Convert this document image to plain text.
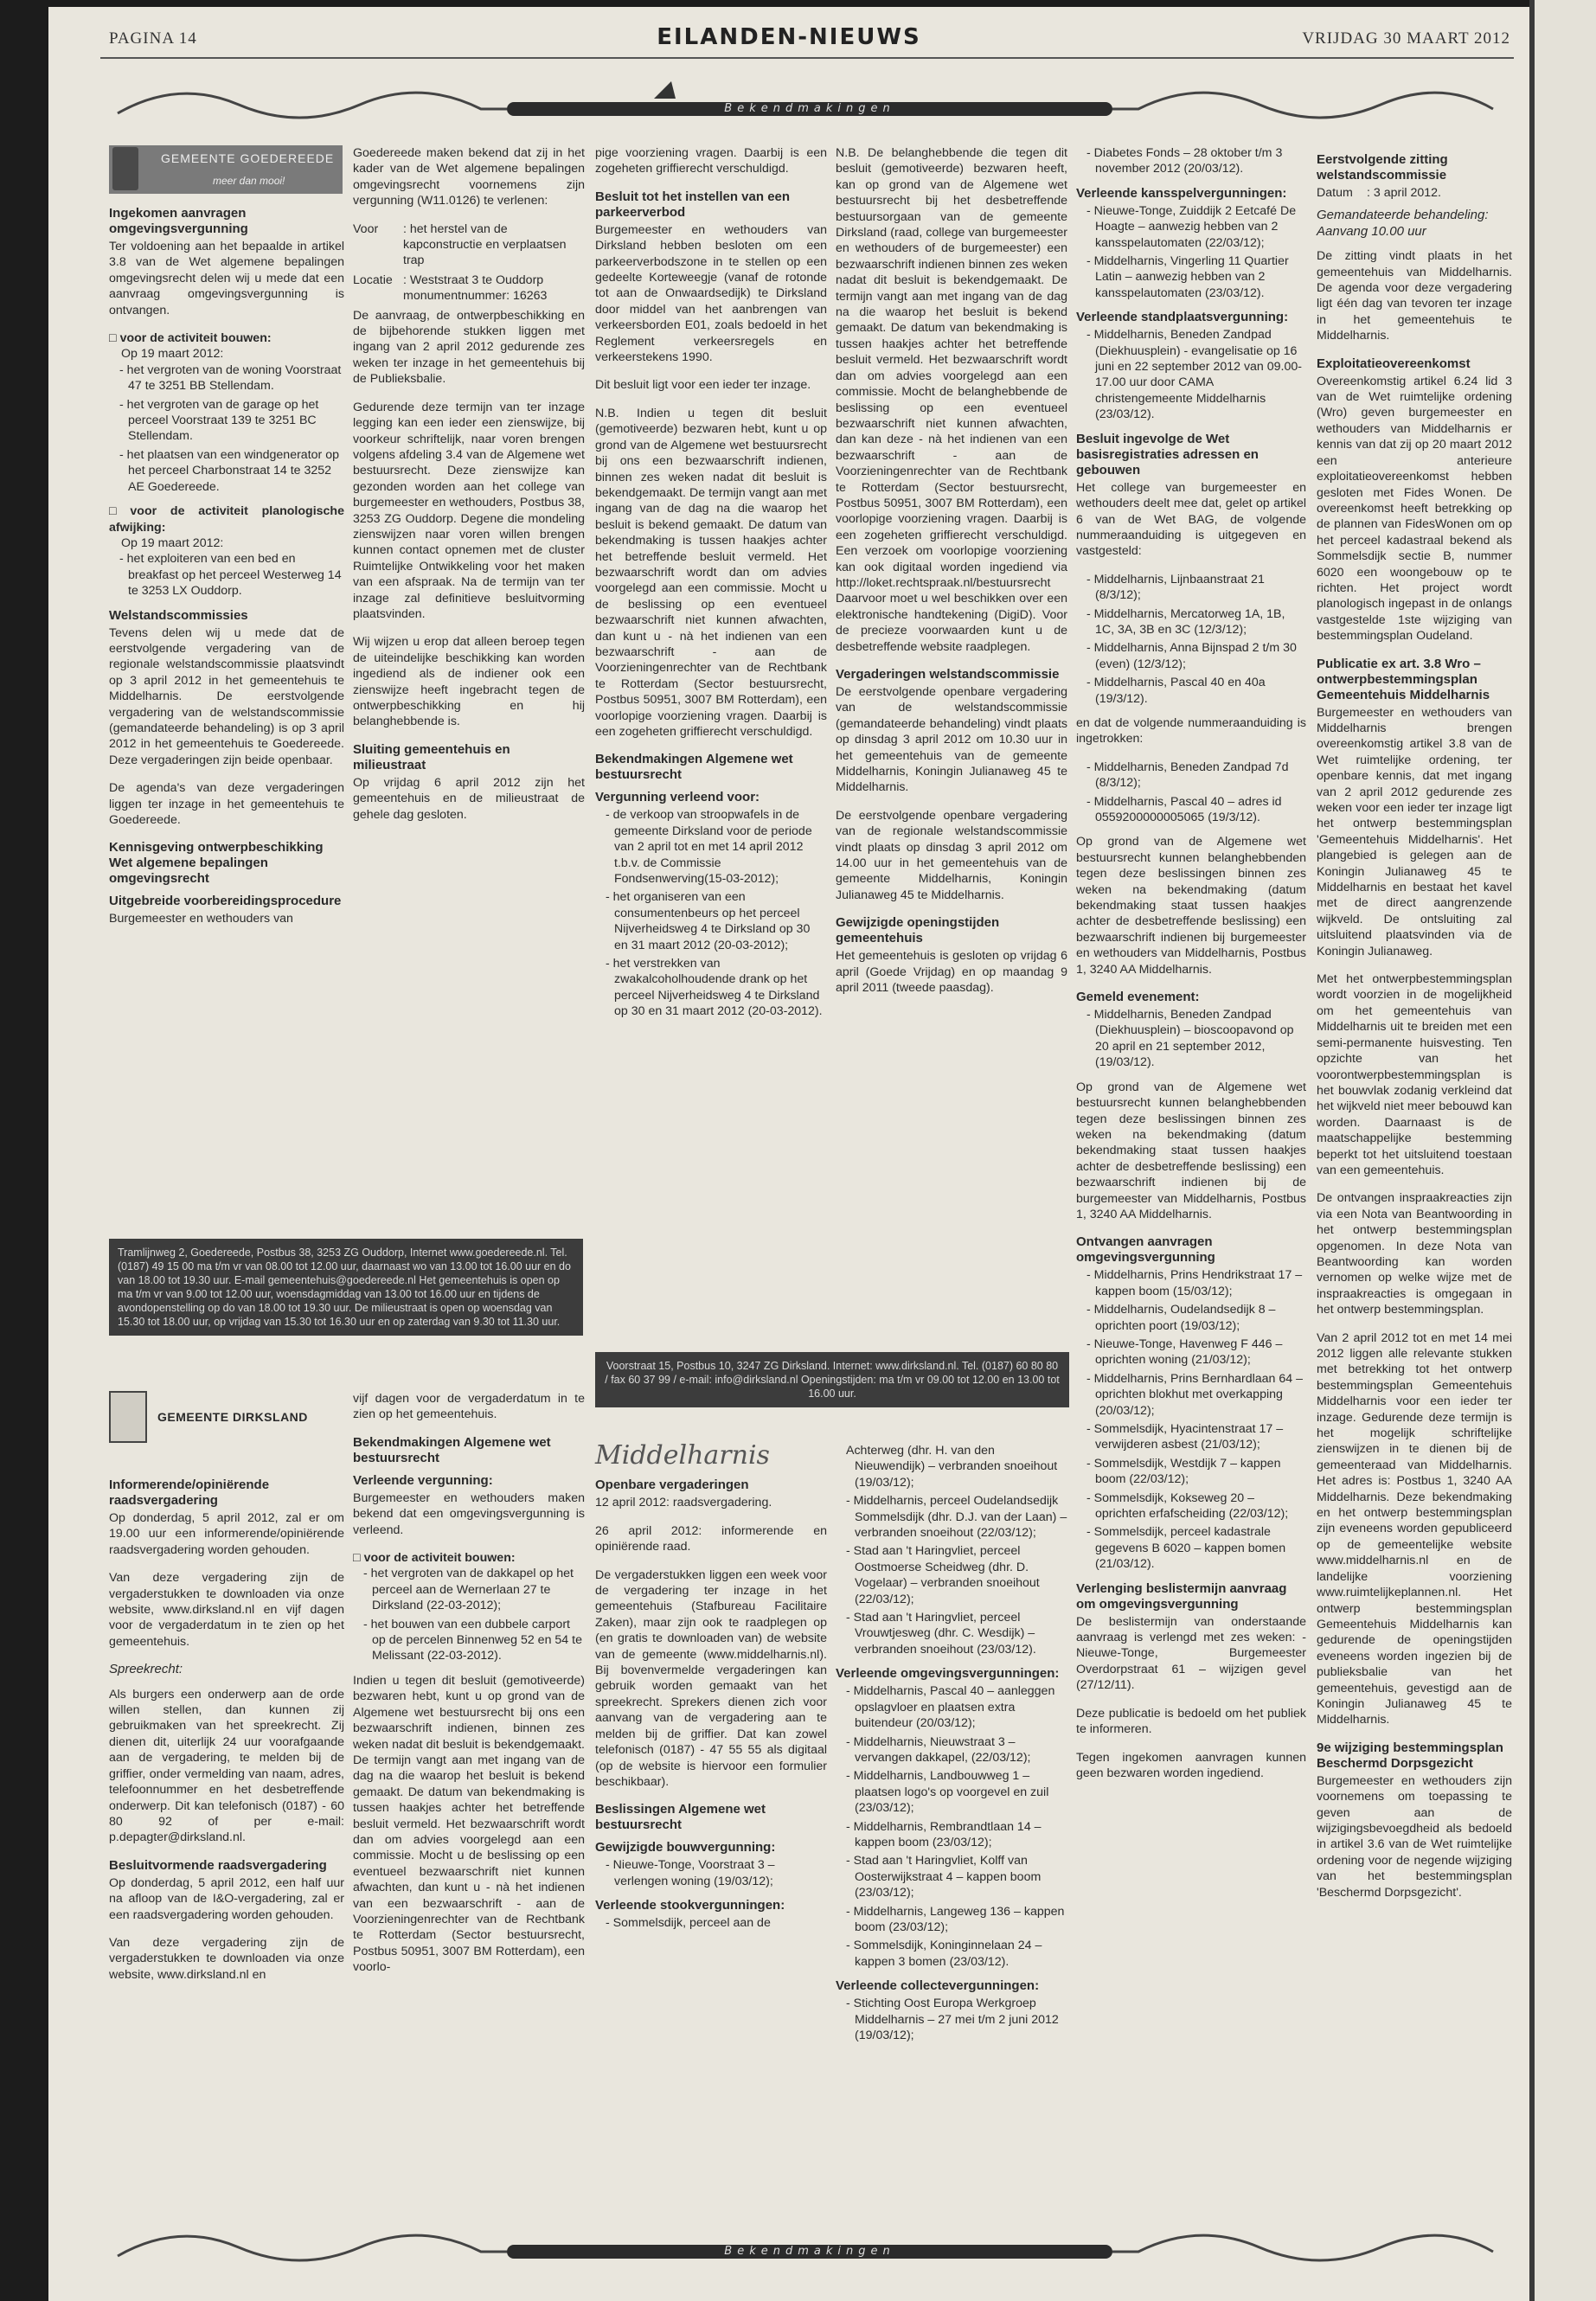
PAGINA 14	EILANDEN-NIEUWS	VRIJDAG 30 MAART 2012
Bekendmakingen
GEMEENTE GOEDEREEDE
meer dan mooi!
Ingekomen aanvragen omgevingsvergunning

Ter voldoening aan het bepaalde in artikel 3.8 van de Wet algemene bepalingen omgevingsrecht delen wij u mede dat een aanvraag omgevingsvergunning is ontvangen.

□ voor de activiteit bouwen:
Op 19 maart 2012:
- het vergroten van de woning Voorstraat 47 te 3251 BB Stellendam.
- het vergroten van de garage op het perceel Voorstraat 139 te 3251 BC Stellendam.
- het plaatsen van een windgenerator op het perceel Charbonstraat 14 te 3252 AE Goedereede.
□ voor de activiteit planologische afwijking:
Op 19 maart 2012:
- het exploiteren van een bed en breakfast op het perceel Westerweg 14 te 3253 LX Ouddorp.
Welstandscommissies

Tevens delen wij u mede dat de eerstvolgende vergadering van de regionale welstandscommissie plaatsvindt op 3 april 2012 in het gemeentehuis te Middelharnis. De eerstvolgende vergadering van de welstandscommissie (gemandateerde behandeling) is op 3 april 2012 in het gemeentehuis te Goedereede. Deze vergaderingen zijn beide openbaar.

De agenda's van deze vergaderingen liggen ter inzage in het gemeentehuis te Goedereede.

Kennisgeving ontwerpbeschikking Wet algemene bepalingen omgevingsrecht
Uitgebreide voorbereidingsprocedure

Burgemeester en wethouders van

Goedereede maken bekend dat zij in het kader van de Wet algemene bepalingen omgevingsrecht voornemens zijn vergunning (W11.0126) te verlenen:

Voor	: het herstel van de kapconstructie en verplaatsen trap
Locatie : Weststraat 3 te Ouddorp monumentnummer: 16263

De aanvraag, de ontwerpbeschikking en de bijbehorende stukken liggen met ingang van 2 april 2012 gedurende zes weken ter inzage in het gemeentehuis bij de Publieksbalie.

Gedurende deze termijn van ter inzage legging kan een ieder een zienswijze, bij voorkeur schriftelijk, naar voren brengen volgens afdeling 3.4 van de Algemene wet bestuursrecht. Deze zienswijze kan gezonden worden aan het college van burgemeester en wethouders, Postbus 38, 3253 ZG Ouddorp. Degene die mondeling zienswijzen naar voren willen brengen kunnen contact opnemen met de cluster Ruimtelijke Ontwikkeling voor het maken van een afspraak. Na de termijn van ter inzage zal definitieve besluitvorming plaatsvinden.

Wij wijzen u erop dat alleen beroep tegen de uiteindelijke beschikking kan worden ingediend als de indiener ook een zienswijze heeft ingebracht tegen de ontwerpbeschikking en hij belanghebbende is.

Sluiting gemeentehuis en milieustraat

Op vrijdag 6 april 2012 zijn het gemeentehuis en de milieustraat de gehele dag gesloten.

Tramlijnweg 2, Goedereede, Postbus 38, 3253 ZG Ouddorp, Internet www.goedereede.nl. Tel. (0187) 49 15 00 ma t/m vr van 08.00 tot 12.00 uur, daarnaast wo van 13.00 tot 16.00 uur en do van 18.00 tot 19.30 uur. E-mail gemeentehuis@goedereede.nl Het gemeentehuis is open op ma t/m vr van 9.00 tot 12.00 uur, woensdagmiddag van 13.00 tot 16.00 uur en tijdens de avondopenstelling op do van 18.00 tot 19.30 uur. De milieustraat is open op woensdag van 15.30 tot 18.00 uur, op vrijdag van 15.30 tot 16.30 uur en op zaterdag van 9.30 tot 11.30 uur.

pige voorziening vragen. Daarbij is een zogeheten griffierecht verschuldigd.

Besluit tot het instellen van een parkeerverbod

Burgemeester en wethouders van Dirksland hebben besloten om een parkeerverbodszone in te stellen op een gedeelte Korteweegje (vanaf de rotonde tot aan de Onwaardsedijk) te Dirksland door middel van het aanbrengen van verkeersborden E01, zoals bedoeld in het Reglement verkeersregels en verkeerstekens 1990.

Dit besluit ligt voor een ieder ter inzage.

N.B. Indien u tegen dit besluit (gemotiveerde) bezwaren hebt, kunt u op grond van de Algemene wet bestuursrecht bij ons een bezwaarschrift indienen, binnen zes weken nadat dit besluit is bekendgemaakt. De termijn vangt aan met ingang van de dag na die waarop het besluit is bekend gemaakt. De datum van bekendmaking is tussen haakjes achter het betreffende besluit vermeld. Het bezwaarschrift wordt dan om advies voorgelegd aan een commissie. Mocht u de beslissing op een eventueel bezwaarschrift niet kunnen afwachten, dan kunt u - nà het indienen van een bezwaarschrift - aan de Voorzieningenrechter van de Rechtbank te Rotterdam (Sector bestuursrecht, Postbus 50951, 3007 BM Rotterdam), een voorlopige voorziening vragen. Daarbij is een zogeheten griffierecht verschuldigd.

Bekendmakingen Algemene wet bestuursrecht
Vergunning verleend voor:
- de verkoop van stroopwafels in de gemeente Dirksland voor de periode van 2 april tot en met 14 april 2012 t.b.v. de Commissie Fondsenwerving(15-03-2012);
- het organiseren van een consumentenbeurs op het perceel Nijverheidsweg 4 te Dirksland op 30 en 31 maart 2012 (20-03-2012);
- het verstrekken van zwakalcoholhoudende drank op het perceel Nijverheidsweg 4 te Dirksland op 30 en 31 maart 2012 (20-03-2012).

N.B. De belanghebbende die tegen dit besluit (gemotiveerde) bezwaren heeft, kan op grond van de Algemene wet bestuursrecht bij het desbetreffende bestuursorgaan van de gemeente Dirksland (raad, college van burgemeester en wethouders of de burgemeester) een bezwaarschrift indienen binnen zes weken nadat dit besluit is bekendgemaakt. De termijn vangt aan met ingang van de dag na die waarop het besluit is bekend gemaakt. De datum van bekendmaking is tussen haakjes achter het betreffende besluit vermeld. Het bezwaarschrift wordt dan om advies voorgelegd aan een commissie. Mocht de belanghebbende de beslissing op een eventueel bezwaarschrift niet kunnen afwachten, dan kan deze - nà het indienen van een bezwaarschrift - aan de Voorzieningenrechter van de Rechtbank te Rotterdam (Sector bestuursrecht, Postbus 50951, 3007 BM Rotterdam), een voorlopige voorziening vragen. Daarbij is een zogeheten griffierecht verschuldigd. Een verzoek om voorlopige voorziening kan ook digitaal worden ingediend via http://loket.rechtspraak.nl/bestuursrecht Daarvoor moet u wel beschikken over een elektronische handtekening (DigiD). Voor de precieze voorwaarden kunt u de desbetreffende website raadplegen.

Vergaderingen welstandscommissie

De eerstvolgende openbare vergadering van de welstandscommissie (gemandateerde behandeling) vindt plaats op dinsdag 3 april 2012 om 10.30 uur in het gemeentehuis van de gemeente Middelharnis, Koningin Julianaweg 45 te Middelharnis.

De eerstvolgende openbare vergadering van de regionale welstandscommissie vindt plaats op dinsdag 3 april 2012 om 14.00 uur in het gemeentehuis van de gemeente Middelharnis, Koningin Julianaweg 45 te Middelharnis.

Gewijzigde openingstijden gemeentehuis

Het gemeentehuis is gesloten op vrijdag 6 april (Goede Vrijdag) en op maandag 9 april 2011 (tweede paasdag).

Voorstraat 15, Postbus 10, 3247 ZG Dirksland. Internet: www.dirksland.nl. Tel. (0187) 60 80 80 / fax 60 37 99 / e-mail: info@dirksland.nl Openingstijden: ma t/m vr 09.00 tot 12.00 en 13.00 tot 16.00 uur.
GEMEENTE DIRKSLAND
Informerende/opiniërende raadsvergadering

Op donderdag, 5 april 2012, zal er om 19.00 uur een informerende/opiniërende raadsvergadering worden gehouden.

Van deze vergadering zijn de vergaderstukken te downloaden via onze website, www.dirksland.nl en vijf dagen voor de vergaderdatum in te zien op het gemeentehuis.

Spreekrecht:

Als burgers een onderwerp aan de orde willen stellen, dan kunnen zij gebruikmaken van het spreekrecht. Zij dienen dit, uiterlijk 24 uur voorafgaande aan de vergadering, te melden bij de griffier, onder vermelding van naam, adres, telefoonnummer en het desbetreffende onderwerp. Dit kan telefonisch (0187) - 60 80 92 of per e-mail: p.depagter@dirksland.nl.

Besluitvormende raadsvergadering

Op donderdag, 5 april 2012, een half uur na afloop van de I&O-vergadering, zal er een raadsvergadering worden gehouden.

Van deze vergadering zijn de vergaderstukken te downloaden via onze website, www.dirksland.nl en

vijf dagen voor de vergaderdatum in te zien op het gemeentehuis.

Bekendmakingen Algemene wet bestuursrecht
Verleende vergunning:

Burgemeester en wethouders maken bekend dat een omgevingsvergunning is verleend.

□ voor de activiteit bouwen:
- het vergroten van de dakkapel op het perceel aan de Wernerlaan 27 te Dirksland (22-03-2012);
- het bouwen van een dubbele carport op de percelen Binnenweg 52 en 54 te Melissant (22-03-2012).

Indien u tegen dit besluit (gemotiveerde) bezwaren hebt, kunt u op grond van de Algemene wet bestuursrecht bij ons een bezwaarschrift indienen, binnen zes weken nadat dit besluit is bekendgemaakt. De termijn vangt aan met ingang van de dag na die waarop het besluit is bekend gemaakt. De datum van bekendmaking is tussen haakjes achter het betreffende besluit vermeld. Het bezwaarschrift wordt dan om advies voorgelegd aan een commissie. Mocht u de beslissing op een eventueel bezwaarschrift niet kunnen afwachten, dan kunt u - nà het indienen van een bezwaarschrift - aan de Voorzieningenrechter van de Rechtbank te Rotterdam (Sector bestuursrecht, Postbus 50951, 3007 BM Rotterdam), een voorlo-

Middelharnis
Openbare vergaderingen

12 april 2012: raadsvergadering.

26 april 2012: informerende en opiniërende raad.

De vergaderstukken liggen een week voor de vergadering ter inzage in het gemeentehuis (Stafbureau Facilitaire Zaken), maar zijn ook te raadplegen op (en gratis te downloaden van) de website van de gemeente (www.middelharnis.nl). Bij bovenvermelde vergaderingen kan gebruik worden gemaakt van het spreekrecht. Sprekers dienen zich voor aanvang van de vergadering aan te melden bij de griffier. Dat kan zowel telefonisch (0187) - 47 55 55 als digitaal (op de website is hiervoor een formulier beschikbaar).

Beslissingen Algemene wet bestuursrecht
Gewijzigde bouwvergunning:
- Nieuwe-Tonge, Voorstraat 3 – verlengen woning (19/03/12);
Verleende stookvergunningen:
- Sommelsdijk, perceel aan de
Achterweg (dhr. H. van den Nieuwendijk) – verbranden snoeihout (19/03/12);
- Middelharnis, perceel Oudelandsedijk Sommelsdijk (dhr. D.J. van der Laan) – verbranden snoeihout (22/03/12);
- Stad aan 't Haringvliet, perceel Oostmoerse Scheidweg (dhr. D. Vogelaar) – verbranden snoeihout (22/03/12);
- Stad aan 't Haringvliet, perceel Vrouwtjesweg (dhr. C. Wesdijk) – verbranden snoeihout (23/03/12).
Verleende omgevingsvergunningen:
- Middelharnis, Pascal 40 – aanleggen opslagvloer en plaatsen extra buitendeur (20/03/12);
- Middelharnis, Nieuwstraat 3 – vervangen dakkapel, (22/03/12);
- Middelharnis, Landbouwweg 1 – plaatsen logo's op voorgevel en zuil (23/03/12);
- Middelharnis, Rembrandtlaan 14 – kappen boom (23/03/12);
- Stad aan 't Haringvliet, Kolff van Oosterwijkstraat 4 – kappen boom (23/03/12);
- Middelharnis, Langeweg 136 – kappen boom (23/03/12);
- Sommelsdijk, Koninginnelaan 24 – kappen 3 bomen (23/03/12).
Verleende collectevergunningen:
- Stichting Oost Europa Werkgroep Middelharnis – 27 mei t/m 2 juni 2012 (19/03/12);
- Diabetes Fonds – 28 oktober t/m 3 november 2012 (20/03/12).
Verleende kansspelvergunningen:
- Nieuwe-Tonge, Zuiddijk 2 Eetcafé De Hoagte – aanwezig hebben van 2 kansspelautomaten (22/03/12);
- Middelharnis, Vingerling 11 Quartier Latin – aanwezig hebben van 2 kansspelautomaten (23/03/12).
Verleende standplaatsvergunning:
- Middelharnis, Beneden Zandpad (Diekhuusplein) - evangelisatie op 16 juni en 22 september 2012 van 09.00-17.00 uur door CAMA christengemeente Middelharnis (23/03/12).
Besluit ingevolge de Wet basisregistraties adressen en gebouwen

Het college van burgemeester en wethouders deelt mee dat, gelet op artikel 6 van de Wet BAG, de volgende nummeraanduiding is uitgegeven en vastgesteld:

- Middelharnis, Lijnbaanstraat 21 (8/3/12);
- Middelharnis, Mercatorweg 1A, 1B, 1C, 3A, 3B en 3C (12/3/12);
- Middelharnis, Anna Bijnspad 2 t/m 30 (even) (12/3/12);
- Middelharnis, Pascal 40 en 40a (19/3/12).

en dat de volgende nummeraanduiding is ingetrokken:

- Middelharnis, Beneden Zandpad 7d (8/3/12);
- Middelharnis, Pascal 40 – adres id 0559200000005065 (19/3/12).

Op grond van de Algemene wet bestuursrecht kunnen belanghebbenden tegen deze beslissingen binnen zes weken na bekendmaking (datum bekendmaking staat tussen haakjes achter de desbetreffende beslissing) een bezwaarschrift indienen bij burgemeester en wethouders van Middelharnis, Postbus 1, 3240 AA Middelharnis.

Gemeld evenement:
- Middelharnis, Beneden Zandpad (Diekhuusplein) – bioscoopavond op 20 april en 21 september 2012, (19/03/12).

Op grond van de Algemene wet bestuursrecht kunnen belanghebbenden tegen deze beslissingen binnen zes weken na bekendmaking (datum bekendmaking staat tussen haakjes achter de desbetreffende beslissing) een bezwaarschrift indienen bij de burgemeester van Middelharnis, Postbus 1, 3240 AA Middelharnis.

Ontvangen aanvragen omgevingsvergunning
- Middelharnis, Prins Hendrikstraat 17 – kappen boom (15/03/12);
- Middelharnis, Oudelandsedijk 8 – oprichten poort (19/03/12);
- Nieuwe-Tonge, Havenweg F 446 – oprichten woning (21/03/12);
- Middelharnis, Prins Bernhardlaan 64 – oprichten blokhut met overkapping (20/03/12);
- Sommelsdijk, Hyacintenstraat 17 – verwijderen asbest (21/03/12);
- Sommelsdijk, Westdijk 7 – kappen boom (22/03/12);
- Sommelsdijk, Kokseweg 20 – oprichten erfafscheiding (22/03/12);
- Sommelsdijk, perceel kadastrale gegevens B 6020 – kappen bomen (21/03/12).
Verlenging beslistermijn aanvraag om omgevingsvergunning

De beslistermijn van onderstaande aanvraag is verlengd met zes weken: -Nieuwe-Tonge, Burgemeester Overdorpstraat 61 – wijzigen gevel (27/12/11).

Deze publicatie is bedoeld om het publiek te informeren.

Tegen ingekomen aanvragen kunnen geen bezwaren worden ingediend.

Eerstvolgende zitting welstandscommissie
Datum	: 3 april 2012.
Gemandateerde behandeling: Aanvang 10.00 uur

De zitting vindt plaats in het gemeentehuis van Middelharnis. De agenda voor deze vergadering ligt één dag van tevoren ter inzage in het gemeentehuis te Middelharnis.

Exploitatieovereenkomst

Overeenkomstig artikel 6.24 lid 3 van de Wet ruimtelijke ordening (Wro) geven burgemeester en wethouders van Middelharnis er kennis van dat zij op 20 maart 2012 een anterieure exploitatieovereenkomst hebben gesloten met Fides Wonen. De overeenkomst heeft betrekking op de plannen van FidesWonen om op het perceel kadastraal bekend als Sommelsdijk sectie B, nummer 6020 een woongebouw op te richten. Het project wordt planologisch ingepast in de onlangs vastgestelde 1ste wijziging van bestemmingsplan Oudeland.

Publicatie ex art. 3.8 Wro – ontwerpbestemmingsplan Gemeentehuis Middelharnis

Burgemeester en wethouders van Middelharnis brengen overeenkomstig artikel 3.8 van de Wet ruimtelijke ordening, ter openbare kennis, dat met ingang van 2 april 2012 gedurende zes weken voor een ieder ter inzage ligt het ontwerp bestemmingsplan 'Gemeentehuis Middelharnis'. Het plangebied is gelegen aan de Koningin Julianaweg 45 te Middelharnis en bestaat het kavel met de direct aangrenzende wijkveld. De ontsluiting zal uitsluitend plaatsvinden via de Koningin Julianaweg.

Met het ontwerpbestemmingsplan wordt voorzien in de mogelijkheid om het gemeentehuis van Middelharnis uit te breiden met een semi-permanente huisvesting. Ten opzichte van het voorontwerpbestemmingsplan is het bouwvlak zodanig verkleind dat het wijkveld niet meer bebouwd kan worden. Daarnaast is de maatschappelijke bestemming beperkt tot het uitsluitend toestaan van een gemeentehuis.

De ontvangen inspraakreacties zijn via een Nota van Beantwoording in het ontwerp bestemmingsplan opgenomen. In deze Nota van Beantwoording kan worden vernomen op welke wijze met de inspraakreacties is omgegaan in het ontwerp bestemmingsplan.

Van 2 april 2012 tot en met 14 mei 2012 liggen alle relevante stukken met betrekking tot het ontwerp bestemmingsplan Gemeentehuis Middelharnis voor een ieder ter inzage. Gedurende deze termijn is het mogelijk schriftelijke zienswijzen in te dienen bij de gemeenteraad van Middelharnis. Het adres is: Postbus 1, 3240 AA Middelharnis. Deze bekendmaking en het ontwerp bestemmingsplan zijn eveneens worden gepubliceerd op de gemeentelijke website www.middelharnis.nl en de landelijke voorziening www.ruimtelijkeplannen.nl. Het ontwerp bestemmingsplan Gemeentehuis Middelharnis kan gedurende de openingstijden eveneens worden ingezien bij de publieksbalie van het gemeentehuis, gevestigd aan de Koningin Julianaweg 45 te Middelharnis.

9e wijziging bestemmingsplan Beschermd Dorpsgezicht

Burgemeester en wethouders zijn voornemens om toepassing te geven aan de wijzigingsbevoegdheid als bedoeld in artikel 3.6 van de Wet ruimtelijke ordening voor de negende wijziging van het bestemmingsplan 'Beschermd Dorpsgezicht'.

Bekendmakingen
